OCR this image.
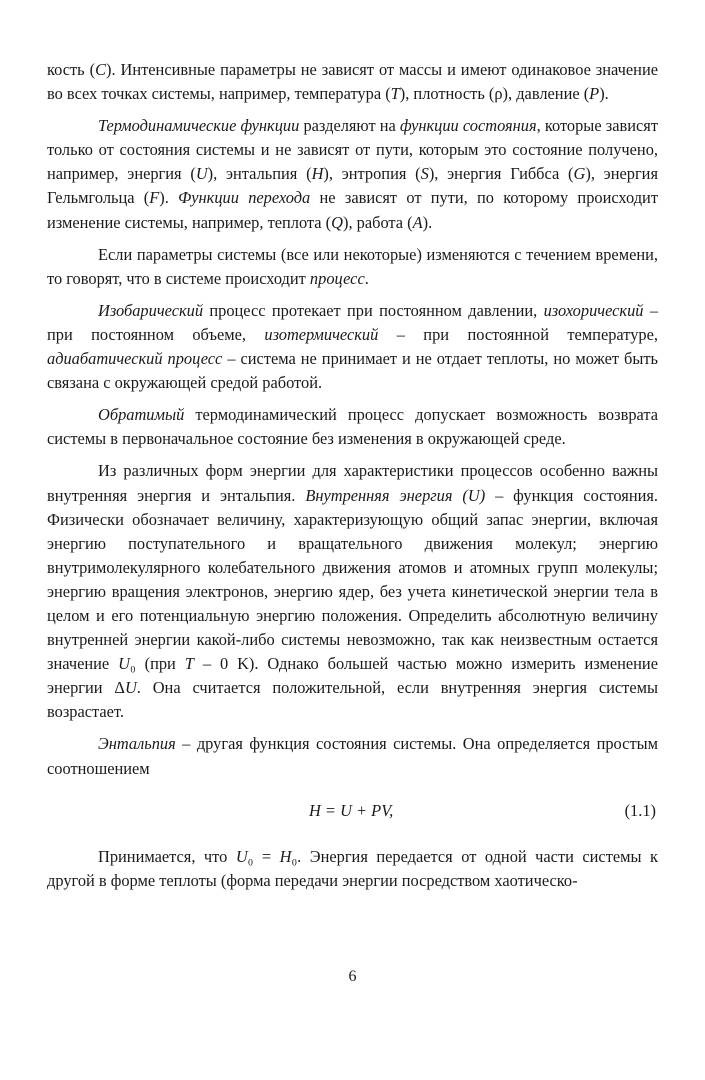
кость (C). Интенсивные параметры не зависят от массы и имеют одинаковое значение во всех точках системы, например, температура (T), плотность (ρ), давление (P).

Термодинамические функции разделяют на функции состояния, которые зависят только от состояния системы и не зависят от пути, которым это состояние получено, например, энергия (U), энтальпия (H), энтропия (S), энергия Гиббса (G), энергия Гельмгольца (F). Функции перехода не зависят от пути, по которому происходит изменение системы, например, теплота (Q), работа (A).

Если параметры системы (все или некоторые) изменяются с течением времени, то говорят, что в системе происходит процесс.

Изобарический процесс протекает при постоянном давлении, изохорический – при постоянном объеме, изотермический – при постоянной температуре, адиабатический процесс – система не принимает и не отдает теплоты, но может быть связана с окружающей средой работой.

Обратимый термодинамический процесс допускает возможность возврата системы в первоначальное состояние без изменения в окружающей среде.

Из различных форм энергии для характеристики процессов особенно важны внутренняя энергия и энтальпия. Внутренняя энергия (U) – функция состояния. Физически обозначает величину, характеризующую общий запас энергии, включая энергию поступательного и вращательного движения молекул; энергию внутримолекулярного колебательного движения атомов и атомных групп молекулы; энергию вращения электронов, энергию ядер, без учета кинетической энергии тела в целом и его потенциальную энергию положения. Определить абсолютную величину внутренней энергии какой-либо системы невозможно, так как неизвестным остается значение U₀ (при T – 0 K). Однако большей частью можно измерить изменение энергии ΔU. Она считается положительной, если внутренняя энергия системы возрастает.

Энтальпия – другая функция состояния системы. Она определяется простым соотношением

H = U + PV,	(1.1)

Принимается, что U₀ = H₀. Энергия передается от одной части системы к другой в форме теплоты (форма передачи энергии посредством хаотическо-

6
